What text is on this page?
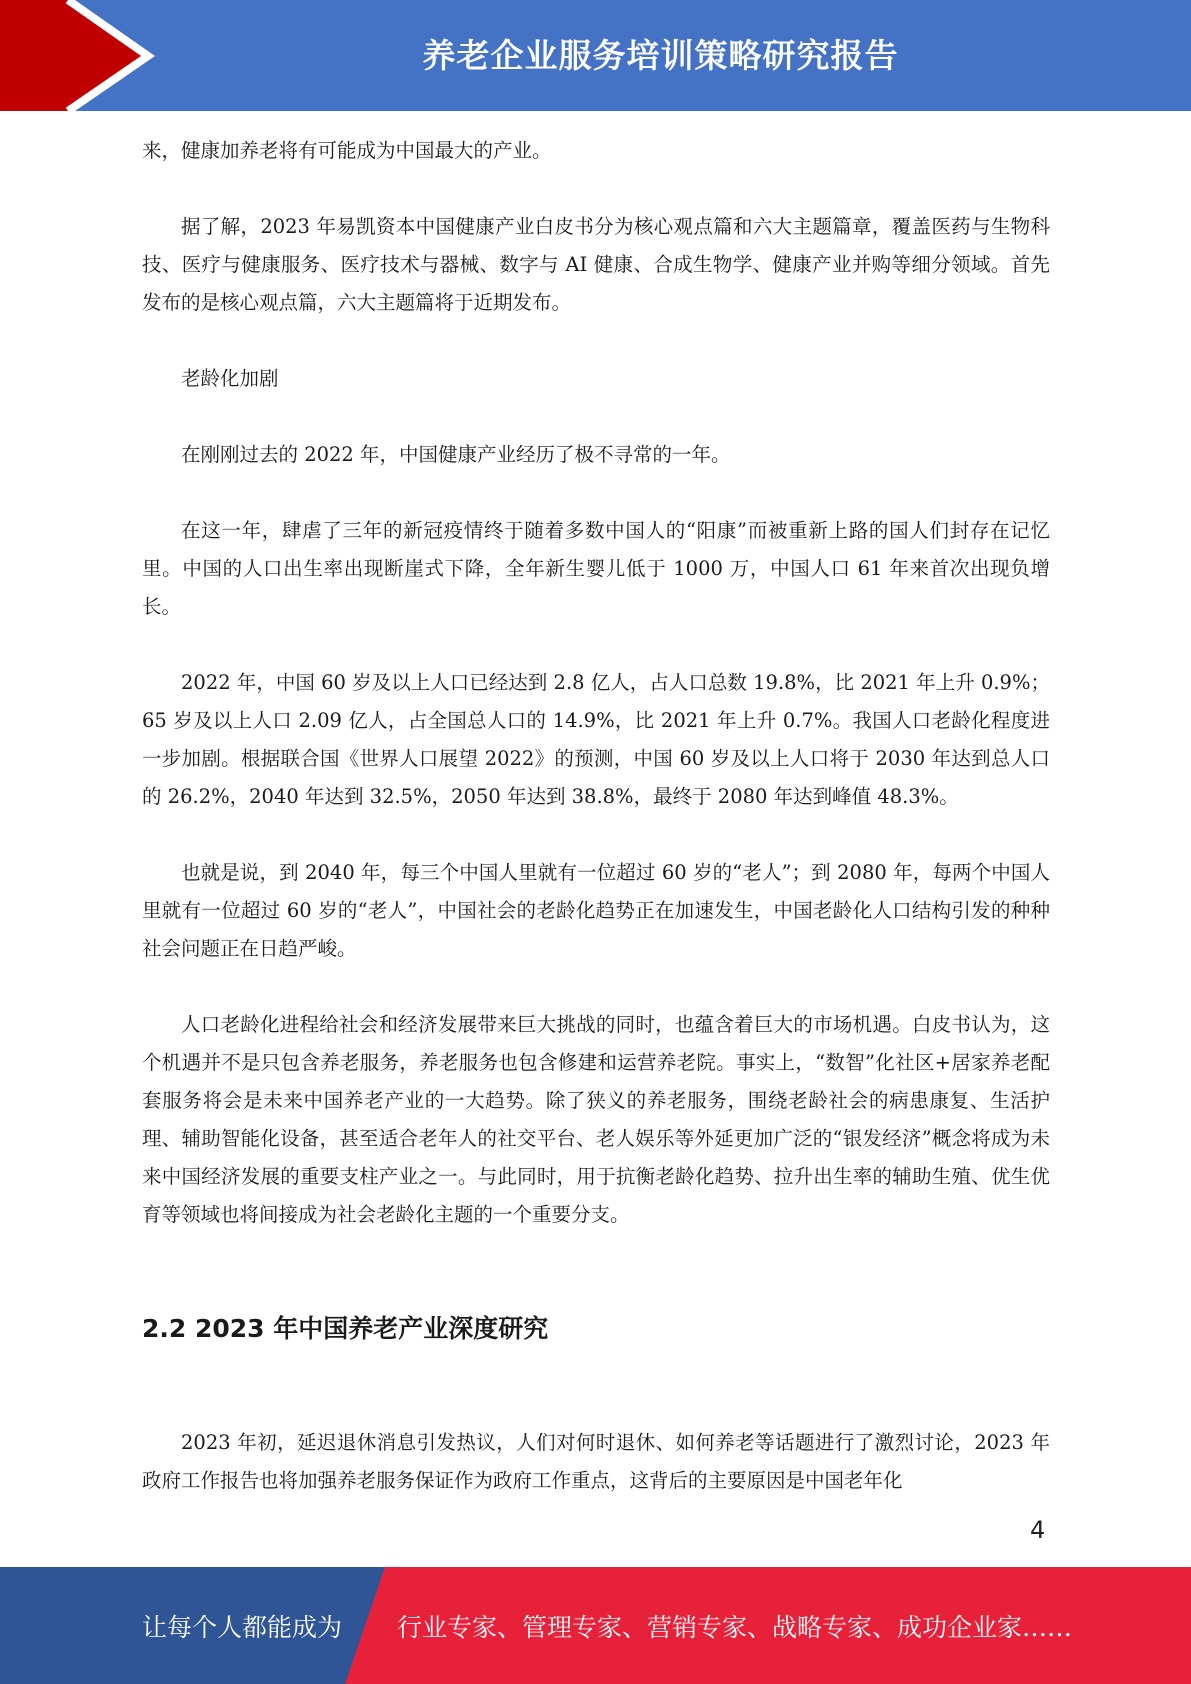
养老企业服务培训策略研究报告

来，健康加养老将有可能成为中国最大的产业。

据了解，2023 年易凯资本中国健康产业白皮书分为核心观点篇和六大主题篇章，覆盖医药与生物科技、医疗与健康服务、医疗技术与器械、数字与 AI 健康、合成生物学、健康产业并购等细分领域。首先发布的是核心观点篇，六大主题篇将于近期发布。

老龄化加剧

在刚刚过去的 2022 年，中国健康产业经历了极不寻常的一年。

在这一年，肆虐了三年的新冠疫情终于随着多数中国人的“阳康”而被重新上路的国人们封存在记忆里。中国的人口出生率出现断崖式下降，全年新生婴儿低于 1000 万，中国人口 61 年来首次出现负增长。

2022 年，中国 60 岁及以上人口已经达到 2.8 亿人，占人口总数 19.8%，比 2021 年上升 0.9%；65 岁及以上人口 2.09 亿人，占全国总人口的 14.9%，比 2021 年上升 0.7%。我国人口老龄化程度进一步加剧。根据联合国《世界人口展望 2022》的预测，中国 60 岁及以上人口将于 2030 年达到总人口的 26.2%，2040 年达到 32.5%，2050 年达到 38.8%，最终于 2080 年达到峰值 48.3%。

也就是说，到 2040 年，每三个中国人里就有一位超过 60 岁的“老人”；到 2080 年，每两个中国人里就有一位超过 60 岁的“老人”，中国社会的老龄化趋势正在加速发生，中国老龄化人口结构引发的种种社会问题正在日趋严峻。

人口老龄化进程给社会和经济发展带来巨大挑战的同时，也蕴含着巨大的市场机遇。白皮书认为，这个机遇并不是只包含养老服务，养老服务也包含修建和运营养老院。事实上，“数智”化社区+居家养老配套服务将会是未来中国养老产业的一大趋势。除了狭义的养老服务，围绕老龄社会的病患康复、生活护理、辅助智能化设备，甚至适合老年人的社交平台、老人娱乐等外延更加广泛的“银发经济”概念将成为未来中国经济发展的重要支柱产业之一。与此同时，用于抗衡老龄化趋势、拉升出生率的辅助生殖、优生优育等领域也将间接成为社会老龄化主题的一个重要分支。

2.2 2023 年中国养老产业深度研究

2023 年初，延迟退休消息引发热议，人们对何时退休、如何养老等话题进行了激烈讨论，2023 年政府工作报告也将加强养老服务保证作为政府工作重点，这背后的主要原因是中国老年化

4
让每个人都能成为	行业专家、管理专家、营销专家、战略专家、成功企业家……
